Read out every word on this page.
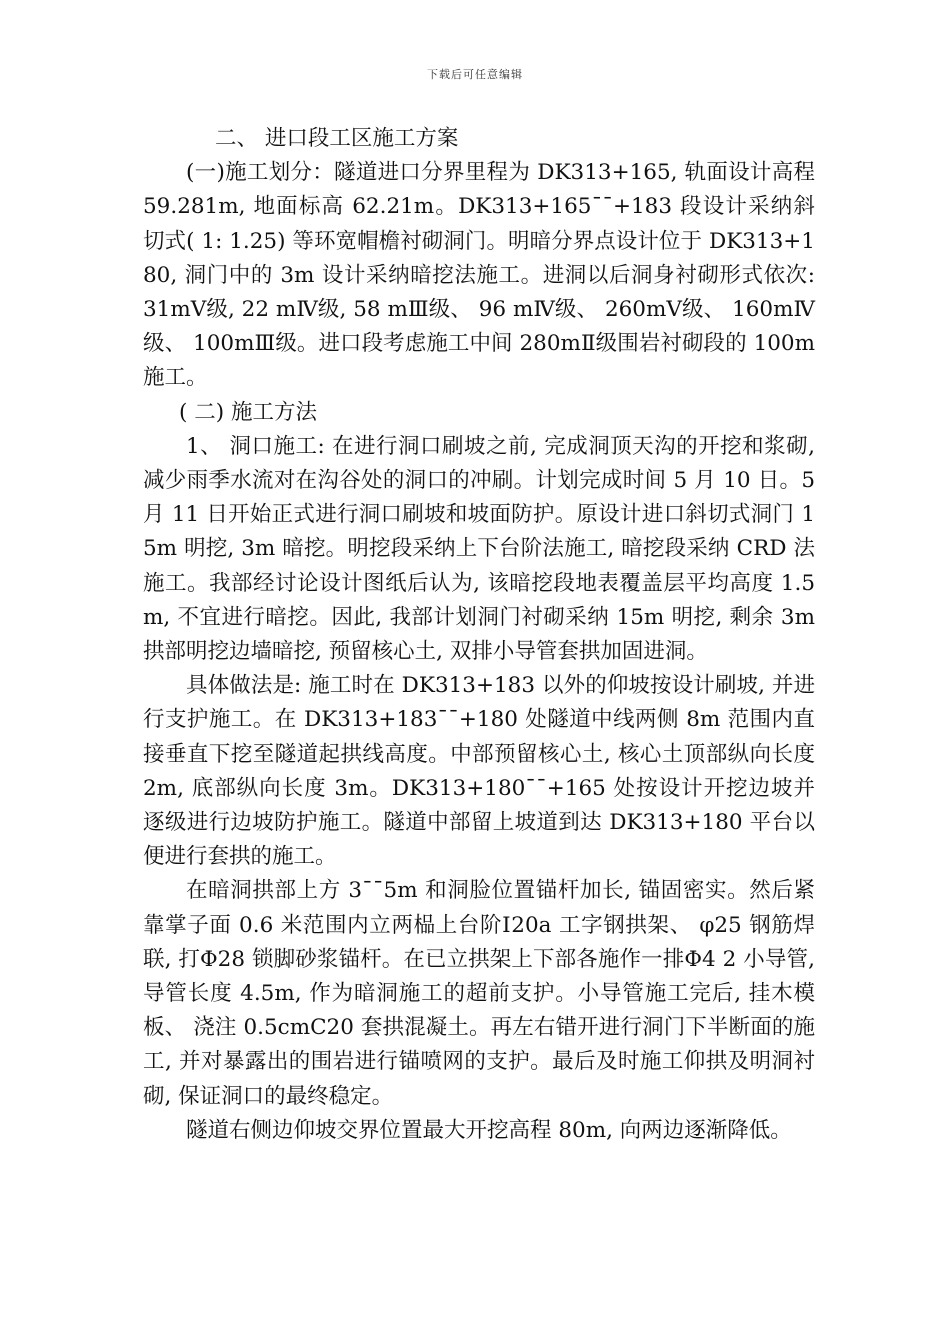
下载后可任意编辑

二、 进口段工区施工方案

(一)施工划分：隧道进口分界里程为 DK313+165, 轨面设计高程 59.281m, 地面标高 62.21m。DK313+165¯¯+183 段设计采纳斜切式( 1: 1.25) 等环宽帽檐衬砌洞门。明暗分界点设计位于 DK313+180, 洞门中的 3m 设计采纳暗挖法施工。进洞以后洞身衬砌形式依次: 31mⅤ级, 22 mⅣ级, 58 mⅢ级、 96 mⅣ级、 260mⅤ级、 160mⅣ级、 100mⅢ级。进口段考虑施工中间 280mⅡ级围岩衬砌段的 100m 施工。

( 二) 施工方法

1、 洞口施工: 在进行洞口刷坡之前, 完成洞顶天沟的开挖和浆砌, 减少雨季水流对在沟谷处的洞口的冲刷。计划完成时间 5 月 10 日。5 月 11 日开始正式进行洞口刷坡和坡面防护。原设计进口斜切式洞门 15m 明挖, 3m 暗挖。明挖段采纳上下台阶法施工, 暗挖段采纳 CRD 法施工。我部经讨论设计图纸后认为, 该暗挖段地表覆盖层平均高度 1.5m, 不宜进行暗挖。因此, 我部计划洞门衬砌采纳 15m 明挖, 剩余 3m 拱部明挖边墙暗挖, 预留核心土, 双排小导管套拱加固进洞。

具体做法是: 施工时在 DK313+183 以外的仰坡按设计刷坡, 并进行支护施工。在 DK313+183¯¯+180 处隧道中线两侧 8m 范围内直接垂直下挖至隧道起拱线高度。中部预留核心土, 核心土顶部纵向长度 2m, 底部纵向长度 3m。DK313+180¯¯+165 处按设计开挖边坡并逐级进行边坡防护施工。隧道中部留上坡道到达 DK313+180 平台以便进行套拱的施工。

在暗洞拱部上方 3¯¯5m 和洞脸位置锚杆加长, 锚固密实。然后紧靠掌子面 0.6 米范围内立两榀上台阶Ⅰ20a 工字钢拱架、 φ25 钢筋焊联, 打Φ28 锁脚砂浆锚杆。在已立拱架上下部各施作一排Φ4 2 小导管, 导管长度 4.5m, 作为暗洞施工的超前支护。小导管施工完后, 挂木模板、 浇注 0.5cmC20 套拱混凝土。再左右错开进行洞门下半断面的施工, 并对暴露出的围岩进行锚喷网的支护。最后及时施工仰拱及明洞衬砌, 保证洞口的最终稳定。

隧道右侧边仰坡交界位置最大开挖高程 80m, 向两边逐渐降低。
